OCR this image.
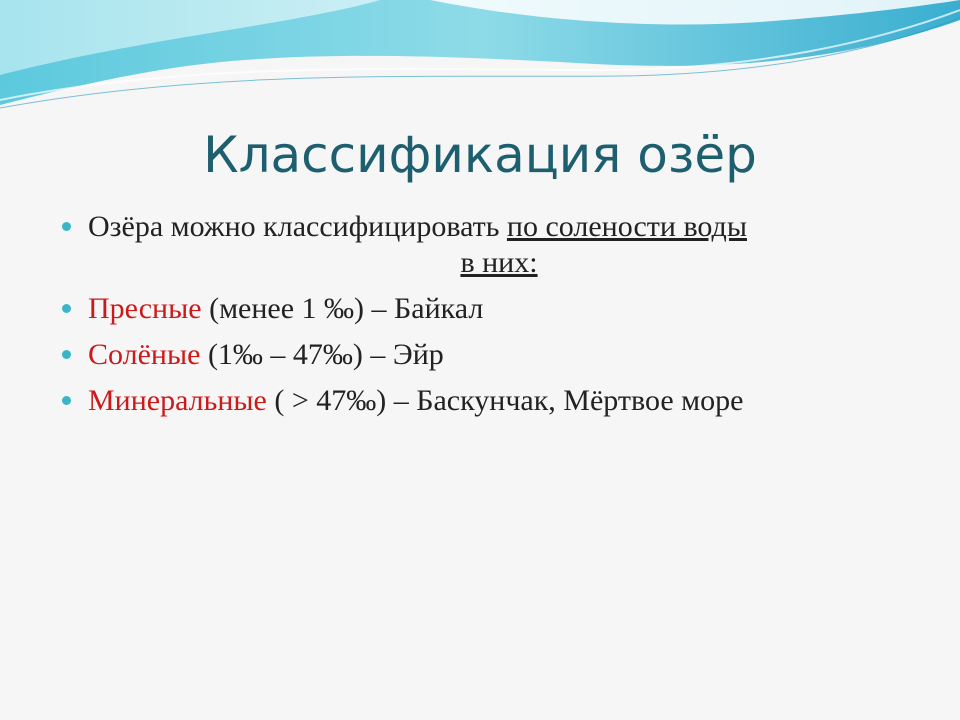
Классификация озёр
Озёра можно классифицировать по солености воды
в них:
Пресные (менее 1 ‰) – Байкал
Солёные (1‰ – 47‰) – Эйр
Минеральные ( > 47‰) – Баскунчак, Мёртвое море
